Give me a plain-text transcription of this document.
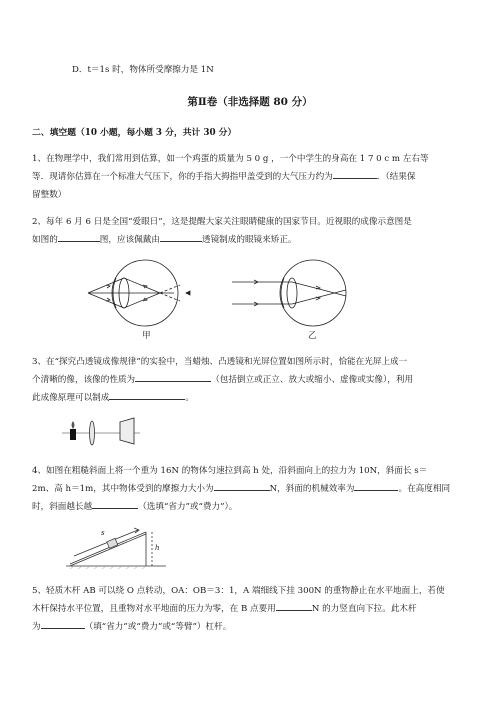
D．t＝1s 时，物体所受摩擦力是 1N
第Ⅱ卷（非选择题 80 分）
二、填空题（10 小题，每小题 3 分，共计 30 分）
1、在物理学中，我们常用到估算，如一个鸡蛋的质量为 5 0 g ，一个中学生的身高在 1 7 0 c m 左右等
等．现请你估算在一个标准大气压下，你的手指大拇指甲盖受到的大气压力约为	．（结果保
留整数）
2、每年 6 月 6 日是全国“爱眼日”，这是提醒大家关注眼睛健康的国家节目。近视眼的成像示意图是
如图的	图，应该佩戴由	透镜制成的眼镜来矫正。
甲	乙
3、在“探究凸透镜成像规律”的实验中，当蜡烛、凸透镜和光屏位置如图所示时，恰能在光屏上成一
个清晰的像，该像的性质为	（包括倒立或正立、放大或缩小、虚像或实像），利用
此成像原理可以制成	。
4、如图在粗糙斜面上将一个重为 16N 的物体匀速拉到高 h 处，沿斜面向上的拉力为 10N，斜面长 s＝
2m、高 h＝1m，其中物体受到的摩擦力大小为	N，斜面的机械效率为	。在高度相同
时，斜面越长越	（选填“省力”或“费力”）。
s
h
5、轻质木杆 AB 可以绕 O 点转动，OA：OB＝3：1，A 端细线下挂 300N 的重物静止在水平地面上，若使
木杆保持水平位置，且重物对水平地面的压力为零，在 B 点要用	N 的力竖直向下拉。此木杆
为	（填“省力”或“费力”或“等臂”）杠杆。
